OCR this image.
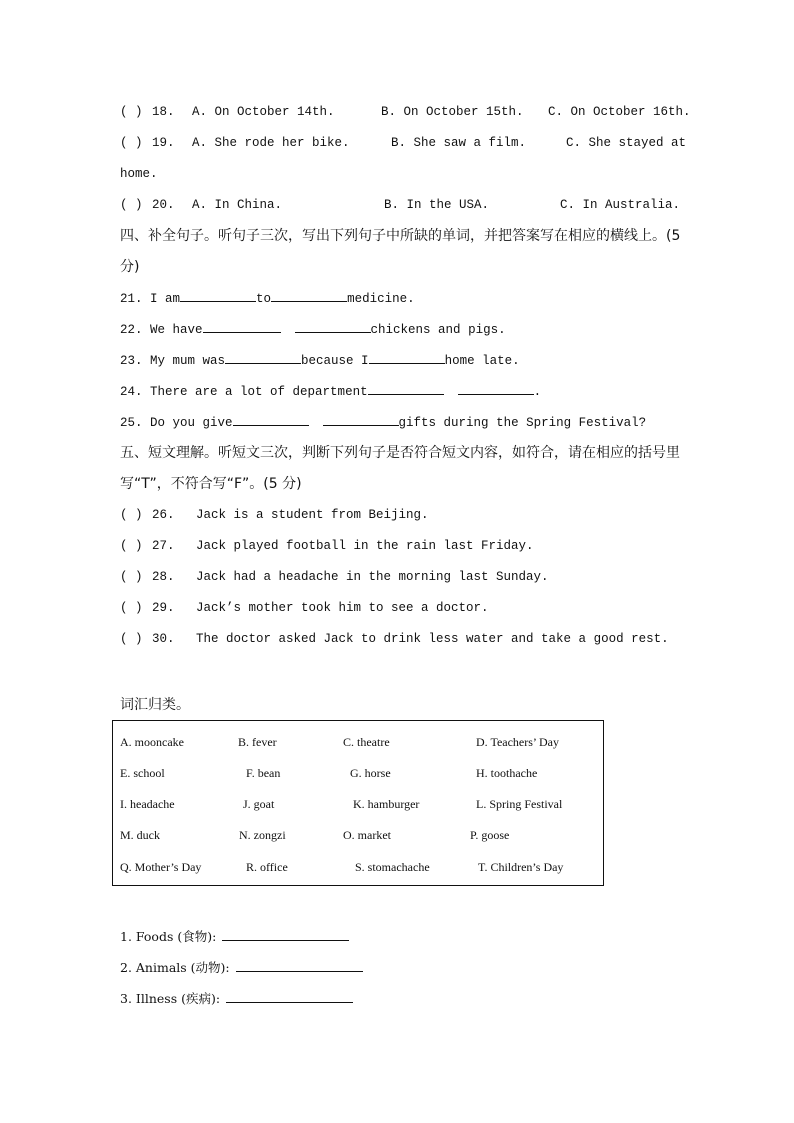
( ) 18. A. On October 14th.	B. On October 15th. C. On October 16th.
( ) 19. A. She rode her bike.	B. She saw a film.	C. She stayed at
home.
( ) 20. A. In China.	B. In the USA.	C. In Australia.
四、补全句子。听句子三次，写出下列句子中所缺的单词，并把答案写在相应的横线上。(5
分)
21. I am	to	medicine.
22. We have	chickens and pigs.
23. My mum was	because I	home late.
24. There are a lot of department	.
25. Do you give	gifts during the Spring Festival?
五、短文理解。听短文三次，判断下列句子是否符合短文内容，如符合，请在相应的括号里
写“T”，不符合写“F”。(5 分)
( ) 26. Jack is a student from Beijing.
( ) 27. Jack played football in the rain last Friday.
( ) 28. Jack had a headache in the morning last Sunday.
( ) 29. Jack’s mother took him to see a doctor.
( ) 30. The doctor asked Jack to drink less water and take a good rest.
词汇归类。
A. mooncake	B. fever	C. theatre	D. Teachers’ Day
E. school	F. bean	G. horse	H. toothache
I. headache	J. goat	K. hamburger	L. Spring Festival
M. duck	N. zongzi	O. market	P. goose
Q. Mother’s Day	R. office	S. stomachache	T. Children’s Day
1. Foods (食物):
2. Animals (动物):
3. Illness (疾病):
